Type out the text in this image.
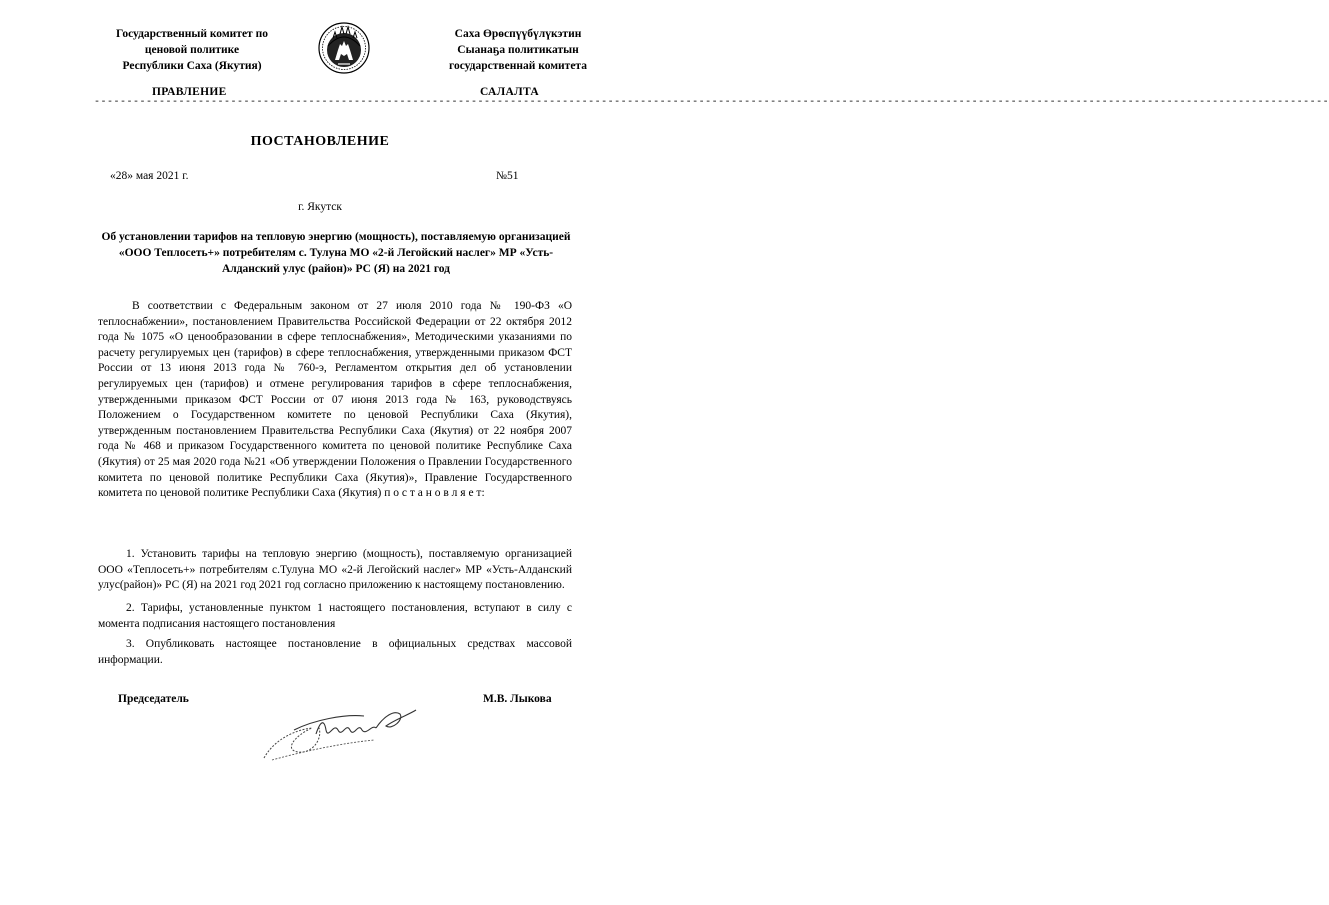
Государственный комитет по
ценовой политике
Республики Саха (Якутия)
Саха Өрөспүүбүлүкэтин
Сыанаҕа политикатын
государственнай комитета
ПРАВЛЕНИЕ	САЛАЛТА
----------------------------------------------------------------------------------------------------------------------------------------------------------------------------------------------
ПОСТАНОВЛЕНИЕ
«28» мая 2021 г.	№51
г. Якутск
Об установлении тарифов на тепловую энергию (мощность), поставляемую организацией «ООО Теплосеть+» потребителям с. Тулуна МО «2-й Легойский наслег» МР «Усть-Алданский улус (район)» РС (Я) на 2021 год
В соответствии с Федеральным законом от 27 июля 2010 года № 190-ФЗ «О теплоснабжении», постановлением Правительства Российской Федерации от 22 октября 2012 года № 1075 «О ценообразовании в сфере теплоснабжения», Методическими указаниями по расчету регулируемых цен (тарифов) в сфере теплоснабжения, утвержденными приказом ФСТ России от 13 июня 2013 года № 760-э, Регламентом открытия дел об установлении регулируемых цен (тарифов) и отмене регулирования тарифов в сфере теплоснабжения, утвержденными приказом ФСТ России от 07 июня 2013 года № 163, руководствуясь Положением о Государственном комитете по ценовой Республики Саха (Якутия), утвержденным постановлением Правительства Республики Саха (Якутия) от 22 ноября 2007 года № 468 и приказом Государственного комитета по ценовой политике Республике Саха (Якутия) от 25 мая 2020 года №21 «Об утверждении Положения о Правлении Государственного комитета по ценовой политике Республики Саха (Якутия)», Правление Государственного комитета по ценовой политике Республики Саха (Якутия) п о с т а н о в л я е т:
1. Установить тарифы на тепловую энергию (мощность), поставляемую организацией ООО «Теплосеть+» потребителям с.Тулуна МО «2-й Легойский наслег» МР «Усть-Алданский улус(район)» РС (Я) на 2021 год 2021 год согласно приложению к настоящему постановлению.
2. Тарифы, установленные пунктом 1 настоящего постановления, вступают в силу с момента подписания настоящего постановления
3. Опубликовать настоящее постановление в официальных средствах массовой информации.
Председатель	М.В. Лыкова
